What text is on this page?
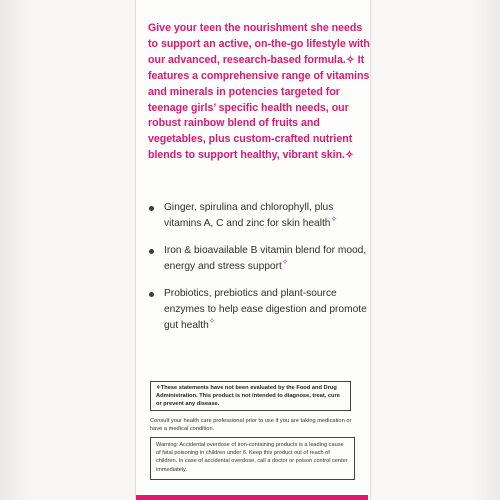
Give your teen the nourishment she needs to support an active, on-the-go lifestyle with our advanced, research-based formula.✧ It features a comprehensive range of vitamins and minerals in potencies targeted for teenage girls’ specific health needs, our robust rainbow blend of fruits and vegetables, plus custom-crafted nutrient blends to support healthy, vibrant skin.✧

Ginger, spirulina and chlorophyll, plus vitamins A, C and zinc for skin health✧
Iron & bioavailable B vitamin blend for mood, energy and stress support✧
Probiotics, prebiotics and plant-source enzymes to help ease digestion and promote gut health✧
✧These statements have not been evaluated by the Food and Drug Administration. This product is not intended to diagnose, treat, cure or prevent any disease.

Consult your health care professional prior to use if you are taking medication or have a medical condition.

Warning: Accidental overdose of iron-containing products is a leading cause of fatal poisoning in children under 6. Keep this product out of reach of children. In case of accidental overdose, call a doctor or poison control center immediately.
